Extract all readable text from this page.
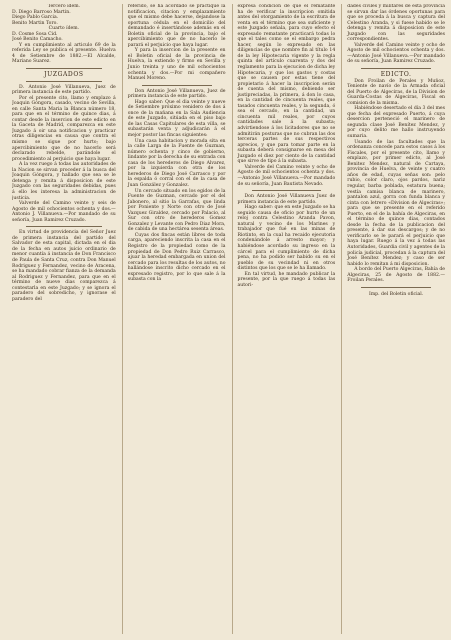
Tercero ídem.

D. Diego Barroso Martin.

Diego Pablo Garcia.

Benito Martin Toro.

Cuarto ídem.

D. Cosme Sosa Cid.

José Benito Camacho.

Y en cumplimiento al articulo 69 de la referida Ley se publica el presente. Huelva 4 de Setiembre de 1882.—El Alcalde, Mariano Suarez.

JUZGADOS

D. Antonio José Villanueva, Juez de primera instancia de este partido.

Por el presente cito, llamo y emplazo á Joaquin Góngora, casado, vecino de Sevilla, en calle Santa Maria la Blanca número 18, para que en el término de quince dias, á contar desde la insercion de este edicto en la Gaceta de Madrid, comparezca en este Juzgado á oir una notificacion y practicar otras diligencias en causa que contra el mismo se sigue por hurto; bajo apercibimiento que de no hacerlo será declarado rebelde, parándole el procedimiento al perjuicio que haya lugar.

A la vez ruego á todas las autoridades de la Nacion se sirvan proceder á la busca del Joaquin Góngora, y hallado que sea se le detenga y remita á disposicion de este Juzgado con las seguridades debidas, pues á ello les interesa la administracion de justicia.

Valverde del Camino veinte y seis de Agosto de mil ochocientos ochenta y dos.—Antonio J. Villanueva.—Por mandado de su señoría, Juan Ramirez Cruzado.

En virtud de providencia del Señor Juez de primera instancia del partido del Salvador de esta capital, dictada en el dia de la fecha en autos juicio ordinario de menor cuantía á instancia de Don Francisco de Paula de Santa Cruz, contra Don Manuel Rodriguez y Fernandez, vecino de Aracena, se ha mandado cobrar fianza de la demanda al Rodriguez y Fernandez, para que en el término de nueve dias comparezca á contestarla en este Juzgado; y se ignora el paradero del sobredicho, y ignorase el paradero del

referido, se ha acordado se practique la notificacion, citacion y emplazamiento que el mismo debe hacerse, dejandose la oportuna cédula en el domicilio del demandado é insertándose además en el Boletin oficial de la provincia, bajo el apercibimiento que de no hacerlo le parará el perjuicio que haya lugar.

Y para la insercion de la presente en el Boletin oficial de la provincia de Huelva, la extiendo y firmo en Sevilla y Junio treinta y uno de mil ochocientos ochenta y dos.—Por mi compañero Manuel Moreno.

Don Antonio José Villanueva, Juez de primera instancia de este partido.

Hago saber: Que el dia veinte y nueve de Setiembre próximo venidero de dos á once de la mañana en la Sala Audiencia de este Juzgado, sitúada en el piso bajo de las Casas Capitulares de esta villa, se subastarán venta y adjudicarán á el mejor postor las fincas siguientes:

Una casa habitacion y morada sita en la calle Larga de la Fuente de Guzman, número ochenta y cinco de gobierno, lindante por la derecha de su entrada con casa de los herederos de Diego Alvarez, por la izquierda con otra de los herederos de Diego José Carrasco y por la espalda ó corral con el de la casa de Juan González y Gonzalez.

Un cercado situado en los egidos de la Fuente de Guzman, cercado por el del Jabonero, al sitio la Garrafas, que linda por Poniente y Norte con otro de José Vazquez Giraldez, cercado por Palacio, al Sur con otro de herederos Gomez Gonzalez y Levante con Pedro Diaz Mora, de cabida de una hectárea sesenta áreas.

Cuyas dos fincas están libres de toda carga, apareciendo inscrita la casa en el Registro de la propiedad como de la propiedad de Don Pedro Ruiz Carrasco, ajuar la heredad embargada en union del cercado para los resultas de los autos, no hallándose inscrito dicho cercado en el expresado registro, por lo que sale á la subasta con la

expresa condicion de que el rematante ha de verificar la inscripcion omitida antes del otorgamiento de la escritura de venta en el término que sea suficiente y este Juzgado señala, para cuyo efecto el expresado rematante practicará todas lo que el tales como se el embargo pedra hacer, según lo expresado en las diligencias de que nombre fin al título 14 de la ley Hipotecaria vigente y la regla quinta del artículo cuarenta y dos del reglamento para la ejecucion de dicha ley Hipotecaria, y que los gastos y costas que se causen por estas tiene del propietario á hacer la inscripcion serán de cuenta del mismo, debiendo ser justipreciadas, la primera, á don lo casa, en la cantidad de cincuenta reales, que tasados cincuenta reales, y la segunda, ó sea el cercado, en la cantidad, un cincuenta mil reales, por cuyos cantidades sale á la subasta; advirtiendose á los licitadores que no se admitirán posturas que no cubran las dos terceras partes de sus respectivos aprecios, y que para tomar parte en la subasta deberá consignarse en mesa del Juzgado el diez por ciento de la cantidad que sirve de tipo á la subasta.

Valverde del Camino veinte y ocho de Agosto de mil ochocientos ochenta y dos.—Antonio José Villanueva.—Por mandado de su señoría, Juan Bautista Nevado.

Don Antonio José Villanueva Juez de primera instancia de este partido.

Hago saber: que en este Juzgado se ha seguido causa de oficio por hurto de un reloj contra Celestino Aranda Pavon, natural y vecino de los Marines y trabajador que fué en las minas de Riotinto, en la cual ha recaido ejecutoria condenándole á arresto mayor; y habiéndose acordado su ingreso en la cárcel para el cumplimiento de dicha pena, no ha podido ser habido su en el pueblo de su vecindad ni en otros distintos que los que se le ha llamado.

En tal virtud, he mandado publicar la presente, por la que ruego á todas las autori-

dades civiles y militares de esta provincia se sirvan dar las órdenes oportunas para que se proceda á la busca y captura del Celestino Aranda, y si fuese habido se le detenga y remita á disposicion de este Juzgado con las seguridades correspondientes.

Valverde del Camino veinte y ocho de Agosto de mil ochocientos ochenta y dos.—Antonio José Villanueva.—Por mandado de su señoría, Juan Ramirez Cruzado.

EDICTO.

Don Froilan de Perales y Muñoz, Teniente de navío de la Armada oficial del Puerto de Algeciras, de la Division de Guarda-Costas de Algeciras, Fiscal en comision de la misma.

Habiéndose desertado el día 3 del mes que fecha del expresado Puerto, á cuya desercion perteneció el marinero de segunda clase José Benítez Mendez, y por cuyo delito me hallo instruyendo sumaria.

Usando de las facultades que la ordenanza concede para estos casos á los Fiscales, por el presente cito, llamo y emplazo, por primer edicto, al José Benitez Mendez, natural de Cartaya, provincia de Huelva, de veinte y cuatro años de edad, cuyas señas son: pelo rubio, color claro, ojos pardos, nariz regular, barba poblada, estatura buena; vestía camisa blanca de marinero, pantalon azul, gorra con funda blanca y cinta con letrero «Division de Algeciras»; para que se presente en el referido Puerto, en el de la bahía de Algeciras, en el término de quince dias, contados desde la fecha de la publicacion del presente, á dar sus descargos; y de no verificarlo se le parará el perjuicio que haya lugar. Ruego á la vez á todas las Autoridades, Guardia civil y agentes de la policía judicial, procedan á la captura del José Benítez Mendez; y caso de ser habido lo remitan á mi disposicion.

A bordo del Puerto Algeciras, Bahía de Algeciras, 25 de Agosto de 1882.—Froilan Perales.

Imp. del Boletin oficial.
